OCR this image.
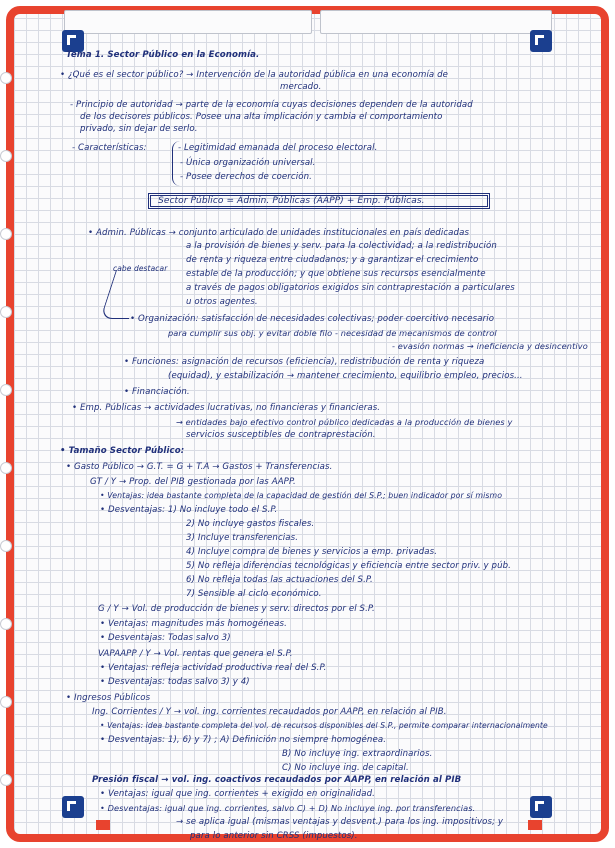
Tema 1. Sector Público en la Economía.

• ¿Qué es el sector público? → Intervención de la autoridad pública en una economía de

mercado.

- Principio de autoridad → parte de la economía cuyas decisiones dependen de la autoridad

de los decisores públicos. Posee una alta implicación y cambia el comportamiento

privado, sin dejar de serlo.

- Características:	- Legitimidad emanada del proceso electoral.

- Única organización universal.

- Posee derechos de coerción.

Sector Público = Admin. Públicas (AAPP) + Emp. Públicas.

• Admin. Públicas → conjunto articulado de unidades institucionales en país dedicadas

a la provisión de bienes y serv. para la colectividad; a la redistribución

de renta y riqueza entre ciudadanos; y a garantizar el crecimiento

estable de la producción; y que obtiene sus recursos esencialmente

a través de pagos obligatorios exigidos sin contraprestación a particulares

u otros agentes.

cabe destacar

• Organización: satisfacción de necesidades colectivas; poder coercitivo necesario

para cumplir sus obj. y evitar doble filo - necesidad de mecanismos de control

- evasión normas → ineficiencia y desincentivo

• Funciones: asignación de recursos (eficiencia), redistribución de renta y riqueza

(equidad), y estabilización → mantener crecimiento, equilibrio empleo, precios...

• Financiación.

• Emp. Públicas → actividades lucrativas, no financieras y financieras.

→ entidades bajo efectivo control público dedicadas a la producción de bienes y

servicios susceptibles de contraprestación.

• Tamaño Sector Público:

• Gasto Público → G.T. = G + T.A → Gastos + Transferencias.

GT / Y → Prop. del PIB gestionada por las AAPP.

• Ventajas: idea bastante completa de la capacidad de gestión del S.P.; buen indicador por sí mismo

• Desventajas: 1) No incluye todo el S.P.

2) No incluye gastos fiscales.

3) Incluye transferencias.

4) Incluye compra de bienes y servicios a emp. privadas.

5) No refleja diferencias tecnológicas y eficiencia entre sector priv. y púb.

6) No refleja todas las actuaciones del S.P.

7) Sensible al ciclo económico.

G / Y → Vol. de producción de bienes y serv. directos por el S.P.

• Ventajas: magnitudes más homogéneas.

• Desventajas: Todas salvo 3)

VAPAAPP / Y → Vol. rentas que genera el S.P.

• Ventajas: refleja actividad productiva real del S.P.

• Desventajas: todas salvo 3) y 4)

• Ingresos Públicos

Ing. Corrientes / Y → vol. ing. corrientes recaudados por AAPP, en relación al PIB.

• Ventajas: idea bastante completa del vol. de recursos disponibles del S.P., permite comparar internacionalmente

• Desventajas: 1), 6) y 7) ; A) Definición no siempre homogénea.

B) No incluye ing. extraordinarios.

C) No incluye ing. de capital.

Presión fiscal → vol. ing. coactivos recaudados por AAPP, en relación al PIB

• Ventajas: igual que ing. corrientes + exigido en originalidad.

• Desventajas: igual que ing. corrientes, salvo C) + D) No incluye ing. por transferencias.

→ se aplica igual (mismas ventajas y desvent.) para los ing. impositivos; y

para lo anterior sin CRSS (impuestos).
